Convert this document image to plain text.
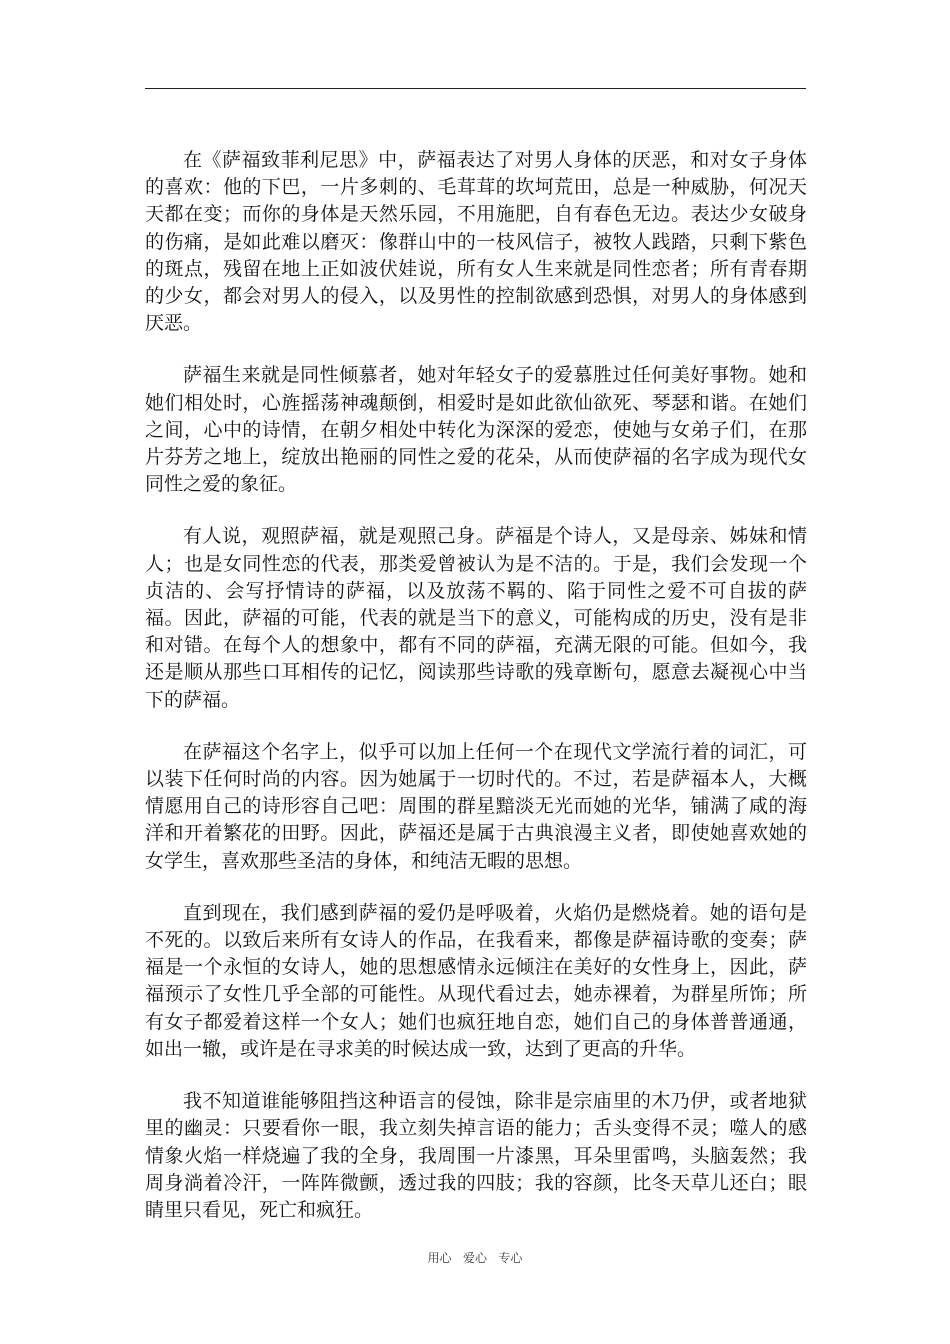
在《萨福致菲利尼思》中，萨福表达了对男人身体的厌恶，和对女子身体的喜欢：他的下巴，一片多刺的、毛茸茸的坎坷荒田，总是一种威胁，何况天天都在变；而你的身体是天然乐园，不用施肥，自有春色无边。表达少女破身的伤痛，是如此难以磨灭：像群山中的一枝风信子，被牧人践踏，只剩下紫色的斑点，残留在地上正如波伏娃说，所有女人生来就是同性恋者；所有青春期的少女，都会对男人的侵入，以及男性的控制欲感到恐惧，对男人的身体感到厌恶。

萨福生来就是同性倾慕者，她对年轻女子的爱慕胜过任何美好事物。她和她们相处时，心旌摇荡神魂颠倒，相爱时是如此欲仙欲死、琴瑟和谐。在她们之间，心中的诗情，在朝夕相处中转化为深深的爱恋，使她与女弟子们，在那片芬芳之地上，绽放出艳丽的同性之爱的花朵，从而使萨福的名字成为现代女同性之爱的象征。

有人说，观照萨福，就是观照己身。萨福是个诗人，又是母亲、姊妹和情人；也是女同性恋的代表，那类爱曾被认为是不洁的。于是，我们会发现一个贞洁的、会写抒情诗的萨福，以及放荡不羁的、陷于同性之爱不可自拔的萨福。因此，萨福的可能，代表的就是当下的意义，可能构成的历史，没有是非和对错。在每个人的想象中，都有不同的萨福，充满无限的可能。但如今，我还是顺从那些口耳相传的记忆，阅读那些诗歌的残章断句，愿意去凝视心中当下的萨福。

在萨福这个名字上，似乎可以加上任何一个在现代文学流行着的词汇，可以装下任何时尚的内容。因为她属于一切时代的。不过，若是萨福本人，大概情愿用自己的诗形容自己吧：周围的群星黯淡无光而她的光华，铺满了咸的海洋和开着繁花的田野。因此，萨福还是属于古典浪漫主义者，即使她喜欢她的女学生，喜欢那些圣洁的身体，和纯洁无暇的思想。

直到现在，我们感到萨福的爱仍是呼吸着，火焰仍是燃烧着。她的语句是不死的。以致后来所有女诗人的作品，在我看来，都像是萨福诗歌的变奏；萨福是一个永恒的女诗人，她的思想感情永远倾注在美好的女性身上，因此，萨福预示了女性几乎全部的可能性。从现代看过去，她赤裸着，为群星所饰；所有女子都爱着这样一个女人；她们也疯狂地自恋，她们自己的身体普普通通，如出一辙，或许是在寻求美的时候达成一致，达到了更高的升华。

我不知道谁能够阻挡这种语言的侵蚀，除非是宗庙里的木乃伊，或者地狱里的幽灵：只要看你一眼，我立刻失掉言语的能力；舌头变得不灵；噬人的感情象火焰一样烧遍了我的全身，我周围一片漆黑，耳朵里雷鸣，头脑轰然；我周身淌着冷汗，一阵阵微颤，透过我的四肢；我的容颜，比冬天草儿还白；眼睛里只看见，死亡和疯狂。

用心   爱心   专心
